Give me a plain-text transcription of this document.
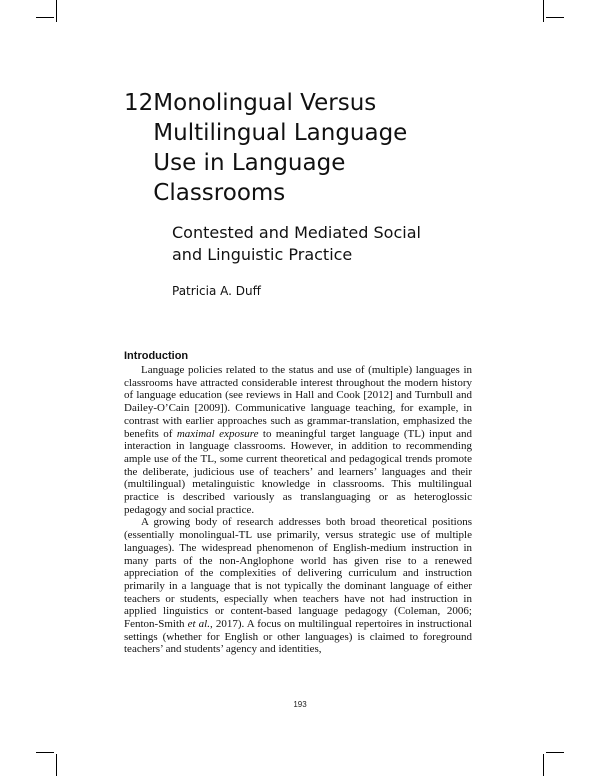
12 Monolingual Versus Multilingual Language Use in Language Classrooms
Contested and Mediated Social and Linguistic Practice
Patricia A. Duff
Introduction

Language policies related to the status and use of (multiple) languages in classrooms have attracted considerable interest throughout the modern history of language education (see reviews in Hall and Cook [2012] and Turnbull and Dailey-O’Cain [2009]). Communicative language teaching, for example, in contrast with earlier approaches such as grammar-translation, emphasized the benefits of maximal exposure to meaningful target language (TL) input and interaction in language classrooms. However, in addition to recommending ample use of the TL, some current theoretical and pedagogical trends promote the deliberate, judicious use of teachers’ and learners’ languages and their (multilingual) metalinguistic knowledge in classrooms. This multilingual practice is described variously as translanguaging or as heteroglossic pedagogy and social practice.

A growing body of research addresses both broad theoretical positions (essentially monolingual-TL use primarily, versus strategic use of multiple languages). The widespread phenomenon of English-medium instruction in many parts of the non-Anglophone world has given rise to a renewed appreciation of the complexities of delivering curriculum and instruction primarily in a language that is not typically the dominant language of either teachers or students, especially when teachers have not had instruction in applied linguistics or content-based language pedagogy (Coleman, 2006; Fenton-Smith et al., 2017). A focus on multilingual repertoires in instructional settings (whether for English or other languages) is claimed to foreground teachers’ and students’ agency and identities,

193
